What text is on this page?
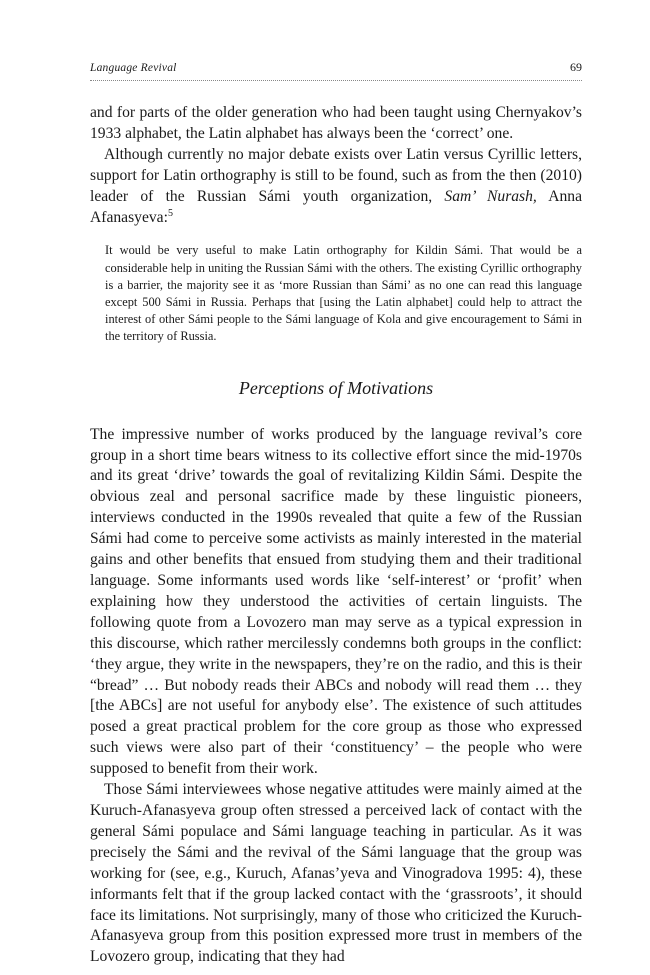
Language Revival	69

and for parts of the older generation who had been taught using Chernyakov’s 1933 alphabet, the Latin alphabet has always been the ‘correct’ one.

Although currently no major debate exists over Latin versus Cyrillic letters, support for Latin orthography is still to be found, such as from the then (2010) leader of the Russian Sámi youth organization, Sam’ Nurash, Anna Afanasyeva:$^5$

It would be very useful to make Latin orthography for Kildin Sámi. That would be a considerable help in uniting the Russian Sámi with the others. The existing Cyrillic orthography is a barrier, the majority see it as ‘more Russian than Sámi’ as no one can read this language except 500 Sámi in Russia. Perhaps that [using the Latin alphabet] could help to attract the interest of other Sámi people to the Sámi language of Kola and give encouragement to Sámi in the territory of Russia.
Perceptions of Motivations

The impressive number of works produced by the language revival’s core group in a short time bears witness to its collective effort since the mid-1970s and its great ‘drive’ towards the goal of revitalizing Kildin Sámi. Despite the obvious zeal and personal sacrifice made by these linguistic pioneers, interviews conducted in the 1990s revealed that quite a few of the Russian Sámi had come to perceive some activists as mainly interested in the material gains and other benefits that ensued from studying them and their traditional language. Some informants used words like ‘self-interest’ or ‘profit’ when explaining how they understood the activities of certain linguists. The following quote from a Lovozero man may serve as a typical expression in this discourse, which rather mercilessly condemns both groups in the conflict: ‘they argue, they write in the newspapers, they’re on the radio, and this is their “bread” … But nobody reads their ABCs and nobody will read them … they [the ABCs] are not useful for anybody else’. The existence of such attitudes posed a great practical problem for the core group as those who expressed such views were also part of their ‘constituency’ – the people who were supposed to benefit from their work.

Those Sámi interviewees whose negative attitudes were mainly aimed at the Kuruch-Afanasyeva group often stressed a perceived lack of contact with the general Sámi populace and Sámi language teaching in particular. As it was precisely the Sámi and the revival of the Sámi language that the group was working for (see, e.g., Kuruch, Afanas’yeva and Vinogradova 1995: 4), these informants felt that if the group lacked contact with the ‘grassroots’, it should face its limitations. Not surprisingly, many of those who criticized the Kuruch-Afanasyeva group from this position expressed more trust in members of the Lovozero group, indicating that they had
